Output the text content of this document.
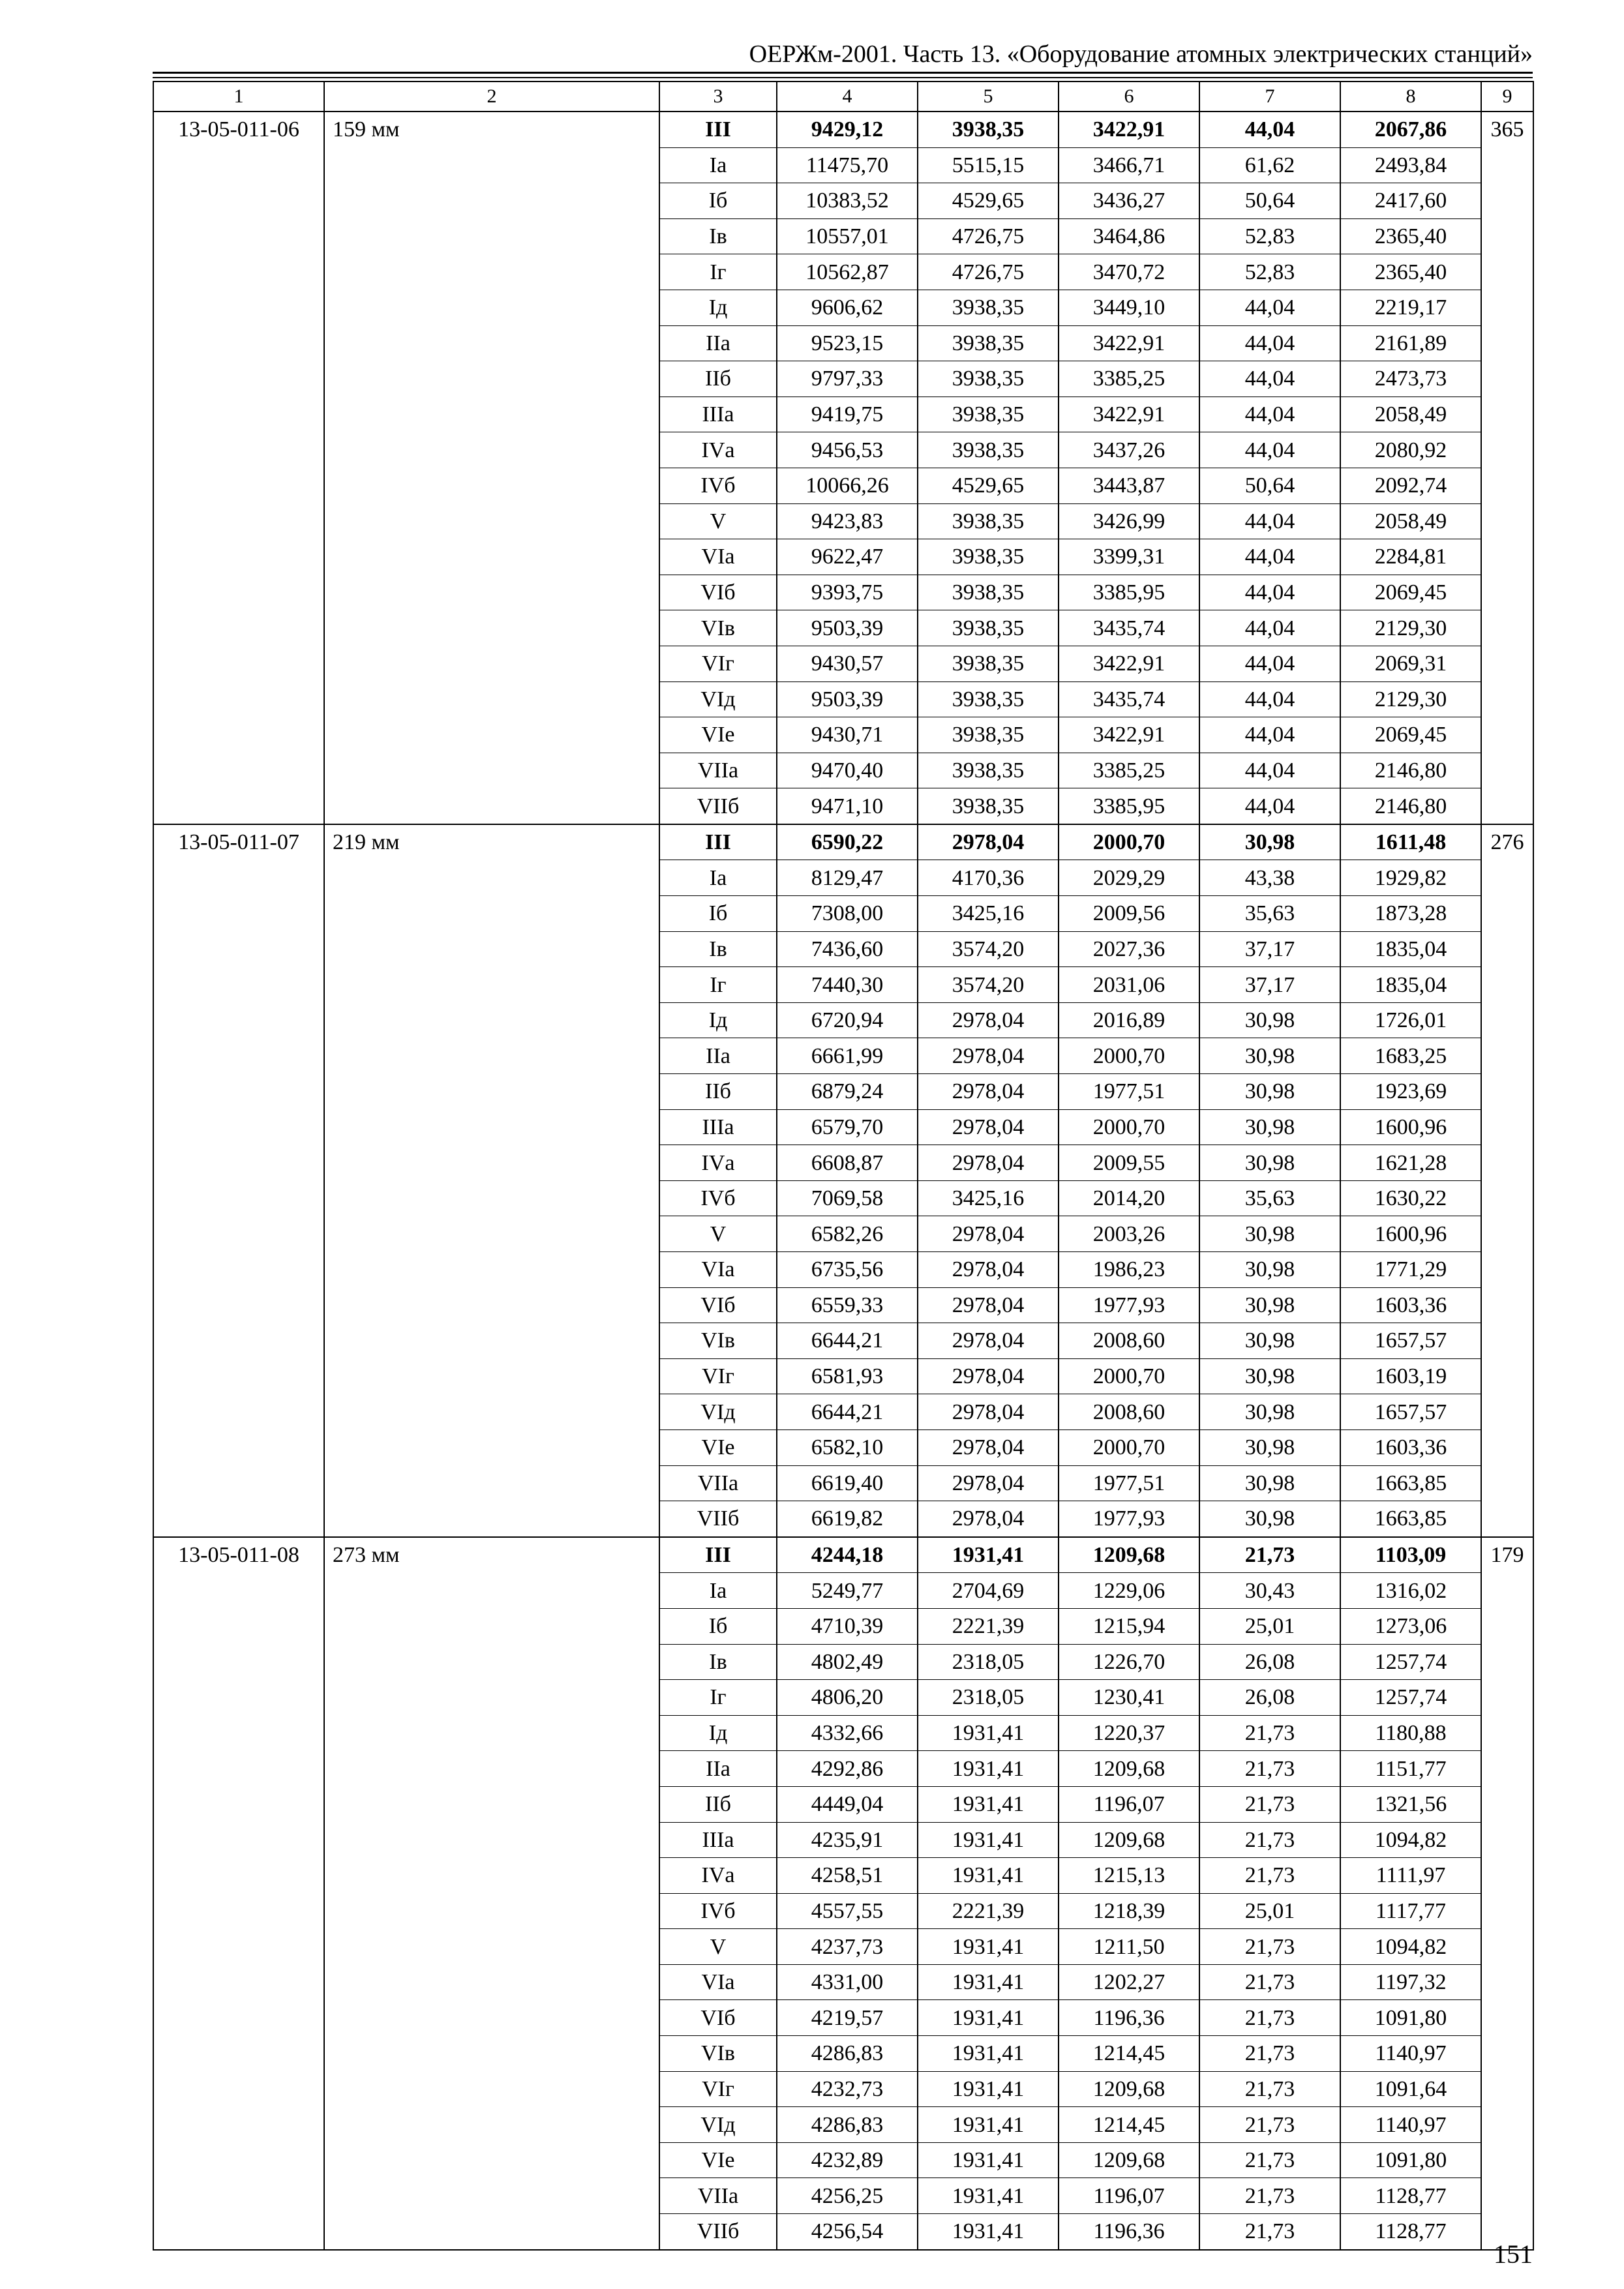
ОЕРЖм-2001. Часть 13. «Оборудование атомных электрических станций»
1	2	3	4	5	6	7	8	9
13-05-011-06	159 мм	III	9429,12	3938,35	3422,91	44,04	2067,86	365
		Iа	11475,70	5515,15	3466,71	61,62	2493,84	
		Iб	10383,52	4529,65	3436,27	50,64	2417,60	
		Iв	10557,01	4726,75	3464,86	52,83	2365,40	
		Iг	10562,87	4726,75	3470,72	52,83	2365,40	
		Iд	9606,62	3938,35	3449,10	44,04	2219,17	
		IIа	9523,15	3938,35	3422,91	44,04	2161,89	
		IIб	9797,33	3938,35	3385,25	44,04	2473,73	
		IIIа	9419,75	3938,35	3422,91	44,04	2058,49	
		IVа	9456,53	3938,35	3437,26	44,04	2080,92	
		IVб	10066,26	4529,65	3443,87	50,64	2092,74	
		V	9423,83	3938,35	3426,99	44,04	2058,49	
		VIа	9622,47	3938,35	3399,31	44,04	2284,81	
		VIб	9393,75	3938,35	3385,95	44,04	2069,45	
		VIв	9503,39	3938,35	3435,74	44,04	2129,30	
		VIг	9430,57	3938,35	3422,91	44,04	2069,31	
		VIд	9503,39	3938,35	3435,74	44,04	2129,30	
		VIе	9430,71	3938,35	3422,91	44,04	2069,45	
		VIIа	9470,40	3938,35	3385,25	44,04	2146,80	
		VIIб	9471,10	3938,35	3385,95	44,04	2146,80	
13-05-011-07	219 мм	III	6590,22	2978,04	2000,70	30,98	1611,48	276
		Iа	8129,47	4170,36	2029,29	43,38	1929,82	
		Iб	7308,00	3425,16	2009,56	35,63	1873,28	
		Iв	7436,60	3574,20	2027,36	37,17	1835,04	
		Iг	7440,30	3574,20	2031,06	37,17	1835,04	
		Iд	6720,94	2978,04	2016,89	30,98	1726,01	
		IIа	6661,99	2978,04	2000,70	30,98	1683,25	
		IIб	6879,24	2978,04	1977,51	30,98	1923,69	
		IIIа	6579,70	2978,04	2000,70	30,98	1600,96	
		IVа	6608,87	2978,04	2009,55	30,98	1621,28	
		IVб	7069,58	3425,16	2014,20	35,63	1630,22	
		V	6582,26	2978,04	2003,26	30,98	1600,96	
		VIа	6735,56	2978,04	1986,23	30,98	1771,29	
		VIб	6559,33	2978,04	1977,93	30,98	1603,36	
		VIв	6644,21	2978,04	2008,60	30,98	1657,57	
		VIг	6581,93	2978,04	2000,70	30,98	1603,19	
		VIд	6644,21	2978,04	2008,60	30,98	1657,57	
		VIе	6582,10	2978,04	2000,70	30,98	1603,36	
		VIIа	6619,40	2978,04	1977,51	30,98	1663,85	
		VIIб	6619,82	2978,04	1977,93	30,98	1663,85	
13-05-011-08	273 мм	III	4244,18	1931,41	1209,68	21,73	1103,09	179
		Iа	5249,77	2704,69	1229,06	30,43	1316,02	
		Iб	4710,39	2221,39	1215,94	25,01	1273,06	
		Iв	4802,49	2318,05	1226,70	26,08	1257,74	
		Iг	4806,20	2318,05	1230,41	26,08	1257,74	
		Iд	4332,66	1931,41	1220,37	21,73	1180,88	
		IIа	4292,86	1931,41	1209,68	21,73	1151,77	
		IIб	4449,04	1931,41	1196,07	21,73	1321,56	
		IIIа	4235,91	1931,41	1209,68	21,73	1094,82	
		IVа	4258,51	1931,41	1215,13	21,73	1111,97	
		IVб	4557,55	2221,39	1218,39	25,01	1117,77	
		V	4237,73	1931,41	1211,50	21,73	1094,82	
		VIа	4331,00	1931,41	1202,27	21,73	1197,32	
		VIб	4219,57	1931,41	1196,36	21,73	1091,80	
		VIв	4286,83	1931,41	1214,45	21,73	1140,97	
		VIг	4232,73	1931,41	1209,68	21,73	1091,64	
		VIд	4286,83	1931,41	1214,45	21,73	1140,97	
		VIе	4232,89	1931,41	1209,68	21,73	1091,80	
		VIIа	4256,25	1931,41	1196,07	21,73	1128,77	
		VIIб	4256,54	1931,41	1196,36	21,73	1128,77	
151
